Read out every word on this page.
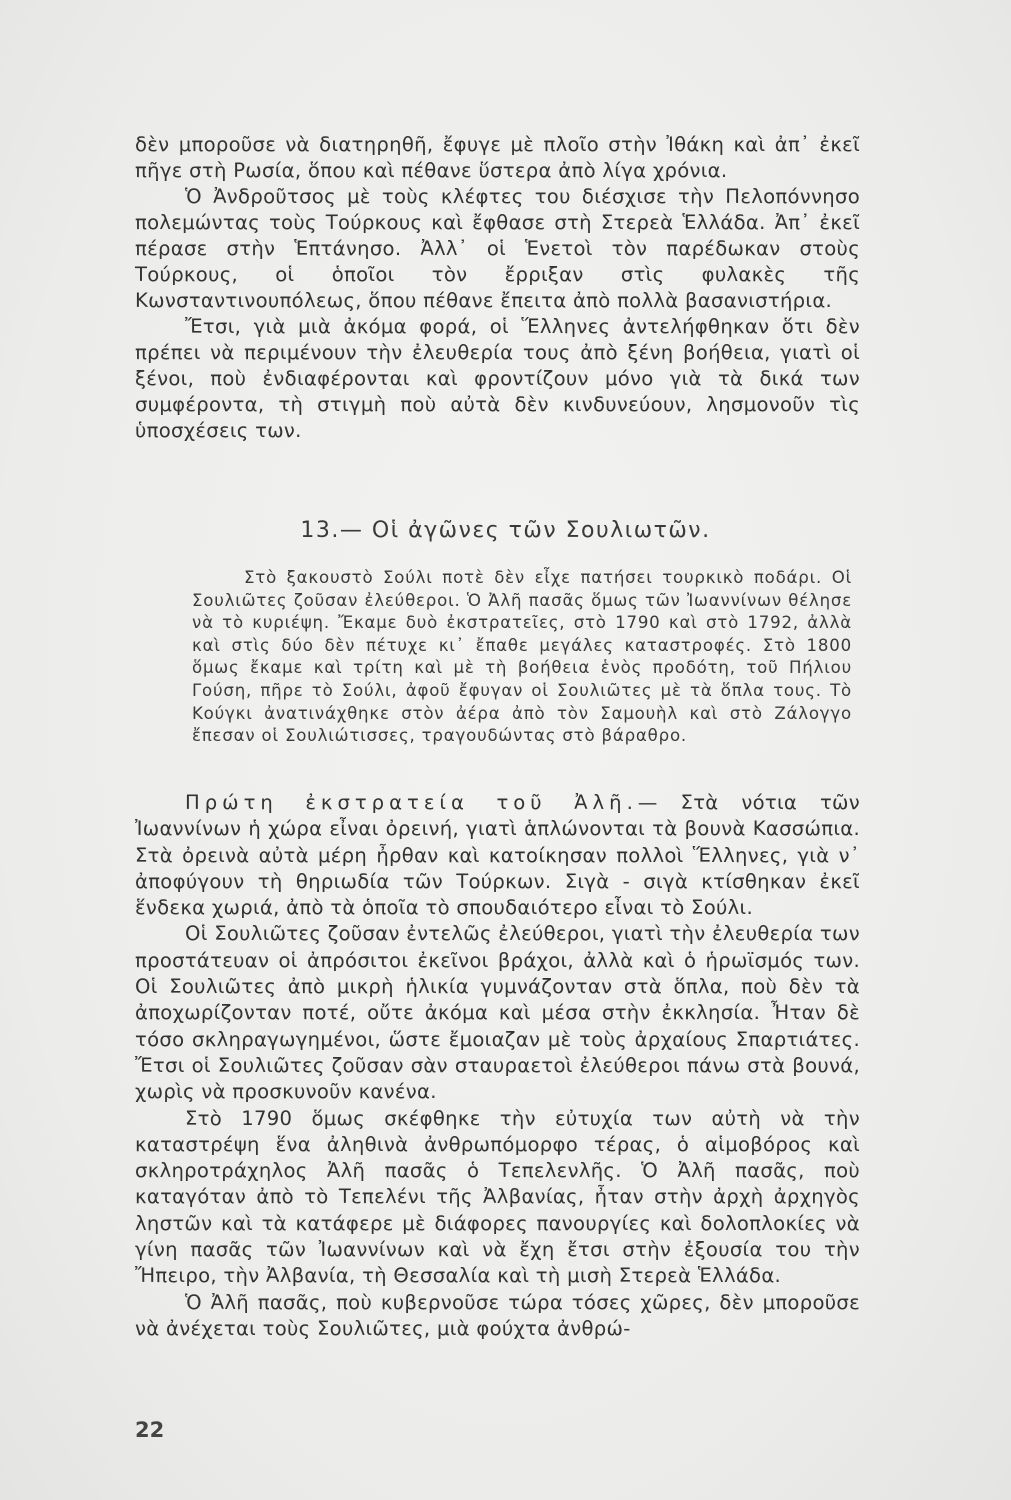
δὲν μποροῦσε νὰ διατηρηθῆ, ἔφυγε μὲ πλοῖο στὴν Ἰθάκη καὶ ἀπ᾽ ἐκεῖ πῆγε στὴ Ρωσία, ὅπου καὶ πέθανε ὕστερα ἀπὸ λίγα χρόνια.

Ὁ Ἀνδροῦτσος μὲ τοὺς κλέφτες του διέσχισε τὴν Πελοπόννησο πολεμώντας τοὺς Τούρκους καὶ ἔφθασε στὴ Στερεὰ Ἑλλάδα. Ἀπ᾽ ἐκεῖ πέρασε στὴν Ἑπτάνησο. Ἀλλ᾽ οἱ Ἑνετοὶ τὸν παρέδωκαν στοὺς Τούρκους, οἱ ὁποῖοι τὸν ἔρριξαν στὶς φυλακὲς τῆς Κωνσταντινουπόλεως, ὅπου πέθανε ἔπειτα ἀπὸ πολλὰ βασανιστήρια.

Ἔτσι, γιὰ μιὰ ἀκόμα φορά, οἱ Ἕλληνες ἀντελήφθηκαν ὅτι δὲν πρέπει νὰ περιμένουν τὴν ἐλευθερία τους ἀπὸ ξένη βοήθεια, γιατὶ οἱ ξένοι, ποὺ ἐνδιαφέρονται καὶ φροντίζουν μόνο γιὰ τὰ δικά των συμφέροντα, τὴ στιγμὴ ποὺ αὐτὰ δὲν κινδυνεύουν, λησμονοῦν τὶς ὑποσχέσεις των.

13.— Οἱ ἀγῶνες τῶν Σουλιωτῶν.

Στὸ ξακουστὸ Σούλι ποτὲ δὲν εἶχε πατήσει τουρκικὸ ποδάρι. Οἱ Σουλιῶτες ζοῦσαν ἐλεύθεροι. Ὁ Ἀλῆ πασᾶς ὅμως τῶν Ἰωαννίνων θέλησε νὰ τὸ κυριέψη. Ἔκαμε δυὸ ἐκστρατεῖες, στὸ 1790 καὶ στὸ 1792, ἀλλὰ καὶ στὶς δύο δὲν πέτυχε κι᾽ ἔπαθε μεγάλες καταστροφές. Στὸ 1800 ὅμως ἔκαμε καὶ τρίτη καὶ μὲ τὴ βοήθεια ἑνὸς προδότη, τοῦ Πήλιου Γούση, πῆρε τὸ Σούλι, ἀφοῦ ἔφυγαν οἱ Σουλιῶτες μὲ τὰ ὅπλα τους. Τὸ Κούγκι ἀνατινάχθηκε στὸν ἀέρα ἀπὸ τὸν Σαμουὴλ καὶ στὸ Ζάλογγο ἔπεσαν οἱ Σουλιώτισσες, τραγουδώντας στὸ βάραθρο.

Πρώτη ἐκστρατεία τοῦ Ἀλῆ.— Στὰ νότια τῶν Ἰωαννίνων ἡ χώρα εἶναι ὀρεινή, γιατὶ ἁπλώνονται τὰ βουνὰ Κασσώπια. Στὰ ὀρεινὰ αὐτὰ μέρη ἦρθαν καὶ κατοίκησαν πολλοὶ Ἕλληνες, γιὰ ν᾽ ἀποφύγουν τὴ θηριωδία τῶν Τούρκων. Σιγὰ - σιγὰ κτίσθηκαν ἐκεῖ ἕνδεκα χωριά, ἀπὸ τὰ ὁποῖα τὸ σπουδαιότερο εἶναι τὸ Σούλι.

Οἱ Σουλιῶτες ζοῦσαν ἐντελῶς ἐλεύθεροι, γιατὶ τὴν ἐλευθερία των προστάτευαν οἱ ἀπρόσιτοι ἐκεῖνοι βράχοι, ἀλλὰ καὶ ὁ ἡρωϊσμός των. Οἱ Σουλιῶτες ἀπὸ μικρὴ ἡλικία γυμνάζονταν στὰ ὅπλα, ποὺ δὲν τὰ ἀποχωρίζονταν ποτέ, οὔτε ἀκόμα καὶ μέσα στὴν ἐκκλησία. Ἦταν δὲ τόσο σκληραγωγημένοι, ὥστε ἔμοιαζαν μὲ τοὺς ἀρχαίους Σπαρτιάτες. Ἔτσι οἱ Σουλιῶτες ζοῦσαν σὰν σταυραετοὶ ἐλεύθεροι πάνω στὰ βουνά, χωρὶς νὰ προσκυνοῦν κανένα.

Στὸ 1790 ὅμως σκέφθηκε τὴν εὐτυχία των αὐτὴ νὰ τὴν καταστρέψη ἕνα ἀληθινὰ ἀνθρωπόμορφο τέρας, ὁ αἱμοβόρος καὶ σκληροτράχηλος Ἀλῆ πασᾶς ὁ Τεπελενλῆς. Ὁ Ἀλῆ πασᾶς, ποὺ καταγόταν ἀπὸ τὸ Τεπελένι τῆς Ἀλβανίας, ἦταν στὴν ἀρχὴ ἀρχηγὸς ληστῶν καὶ τὰ κατάφερε μὲ διάφορες πανουργίες καὶ δολοπλοκίες νὰ γίνη πασᾶς τῶν Ἰωαννίνων καὶ νὰ ἔχη ἔτσι στὴν ἐξουσία του τὴν Ἤπειρο, τὴν Ἀλβανία, τὴ Θεσσαλία καὶ τὴ μισὴ Στερεὰ Ἑλλάδα.

Ὁ Ἀλῆ πασᾶς, ποὺ κυβερνοῦσε τώρα τόσες χῶρες, δὲν μποροῦσε νὰ ἀνέχεται τοὺς Σουλιῶτες, μιὰ φούχτα ἀνθρώ-

22
